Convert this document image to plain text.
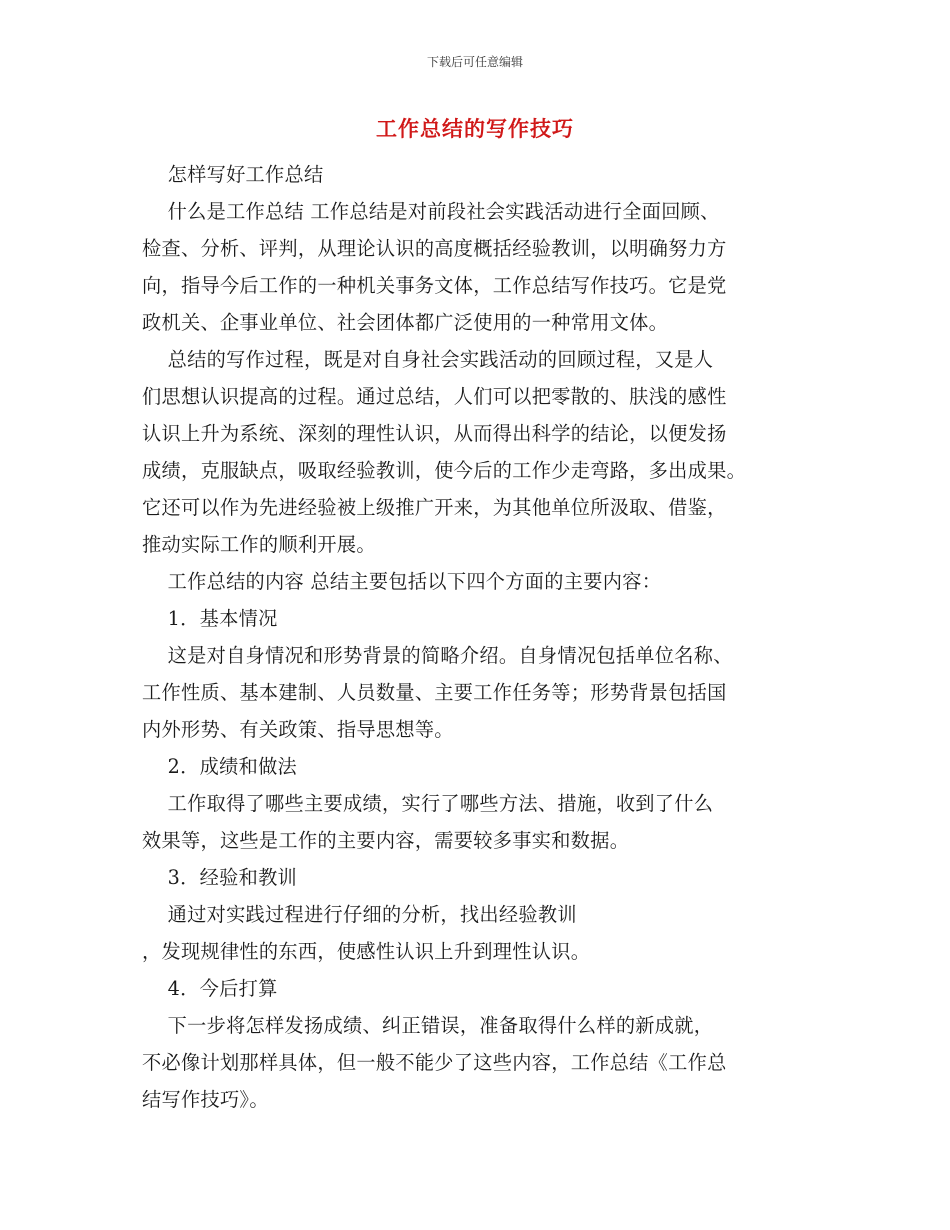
下载后可任意编辑
工作总结的写作技巧

怎样写好工作总结

什么是工作总结 工作总结是对前段社会实践活动进行全面回顾、

检查、分析、评判，从理论认识的高度概括经验教训，以明确努力方

向，指导今后工作的一种机关事务文体，工作总结写作技巧。它是党

政机关、企事业单位、社会团体都广泛使用的一种常用文体。

总结的写作过程，既是对自身社会实践活动的回顾过程，又是人

们思想认识提高的过程。通过总结，人们可以把零散的、肤浅的感性

认识上升为系统、深刻的理性认识，从而得出科学的结论，以便发扬

成绩，克服缺点，吸取经验教训，使今后的工作少走弯路，多出成果。

它还可以作为先进经验被上级推广开来，为其他单位所汲取、借鉴，

推动实际工作的顺利开展。

工作总结的内容 总结主要包括以下四个方面的主要内容：

1．基本情况

这是对自身情况和形势背景的简略介绍。自身情况包括单位名称、

工作性质、基本建制、人员数量、主要工作任务等；形势背景包括国

内外形势、有关政策、指导思想等。

2．成绩和做法

工作取得了哪些主要成绩，实行了哪些方法、措施，收到了什么

效果等，这些是工作的主要内容，需要较多事实和数据。

3．经验和教训

通过对实践过程进行仔细的分析，找出经验教训

，发现规律性的东西，使感性认识上升到理性认识。

4．今后打算

下一步将怎样发扬成绩、纠正错误，准备取得什么样的新成就，

不必像计划那样具体，但一般不能少了这些内容，工作总结《工作总

结写作技巧》。
